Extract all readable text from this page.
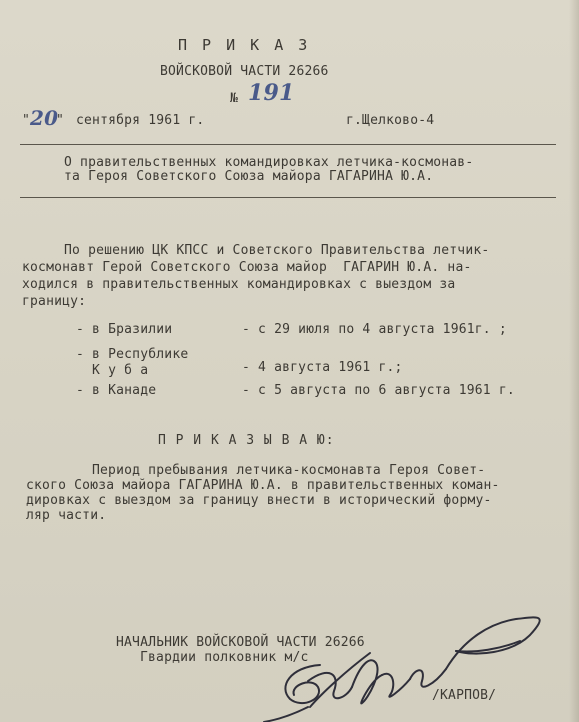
П Р И К А З
ВОЙСКОВОЙ ЧАСТИ 26266
№ 191
" 20
" сентября 1961 г.	г.Щелково-4
О правительственных командировках летчика-космонав-
та Героя Советского Союза майора ГАГАРИНА Ю.А.
По решению ЦК КПСС и Советского Правительства летчик-
космонавт Герой Советского Союза майор  ГАГАРИН Ю.А. на-
ходился в правительственных командировках с выездом за
границу:
- в Бразилии	- с 29 июля по 4 августа 1961г. ;
- в Республике
К у б а	- 4 августа 1961 г.;
- в Канаде	- с 5 августа по 6 августа 1961 г.
П Р И К А З Ы В А Ю:
Период пребывания летчика-космонавта Героя Совет-
ского Союза майора ГАГАРИНА Ю.А. в правительственных коман-
дировках с выездом за границу внести в исторический форму-
ляр части.
НАЧАЛЬНИК ВОЙСКОВОЙ ЧАСТИ 26266
Гвардии полковник м/с
/КАРПОВ/
